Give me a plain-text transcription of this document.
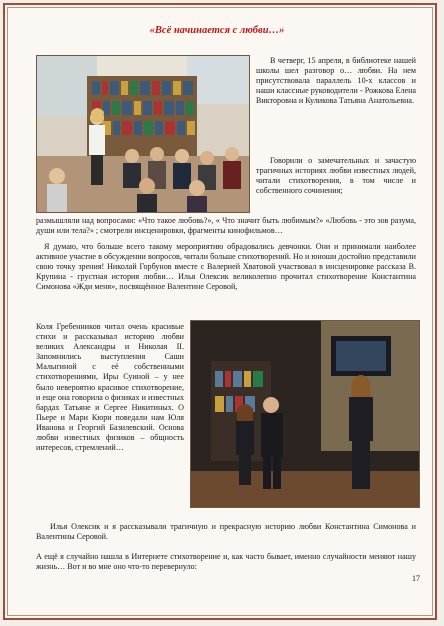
«Всё начинается с любви…»
В четверг, 15 апреля, в библиотеке нашей школы шел разговор о… любви. На нем присутствовала параллель 10-х классов и наши классные руководители - Рожкова Елена Викторовна и Куликова Татьяна Анатольевна.
Говорили о замечательных и зачастую трагичных историях любви известных людей, читали стихотворения, в том числе и собственного сочинения;
размышляли над вопросами: «Что такое любовь?», « Что значит быть любимым?» «Любовь - это зов разума, души или тела?» ; смотрели инсценировки, фрагменты кинофильмов…
Я думаю, что больше всего такому мероприятию обрадовались девчонки. Они и принимали наиболее активное участие в обсуждении вопросов, читали больше стихотворений. Но и юноши достойно представили свою точку зрения! Николай Горбунов вместе с Валерией Хватовой участвовал в инсценировке рассказа В. Крупина - грустная история любви… Илья Олексик великолепно прочитал стихотворение Константина Симонова «Жди меня», посвящённое Валентине Серовой,
Коля Гребенников читал очень красивые стихи и рассказывал историю любви великих Александры и Николая II. Запомнились выступления Саши Малыгиной с её собственными стихотворениями, Иры Суиной – у нее было невероятно красивое стихотворение, и еще она говорила о физиках и известных бардах Татьяне и Сергее Никитиных. О Пьере и Мари Кюри поведали нам Юля Иванова и Георгий Базилевский. Основа любви известных физиков – общность интересов, стремлений…
Илья Олексик и я рассказывали трагичную и прекрасную историю любви Константина Симонова и Валентины Серовой.
А ещё я случайно нашла в Интернете стихотворение и, как часто бывает, именно случайности меняют нашу жизнь… Вот и во мне оно что-то перевернуло:
17
